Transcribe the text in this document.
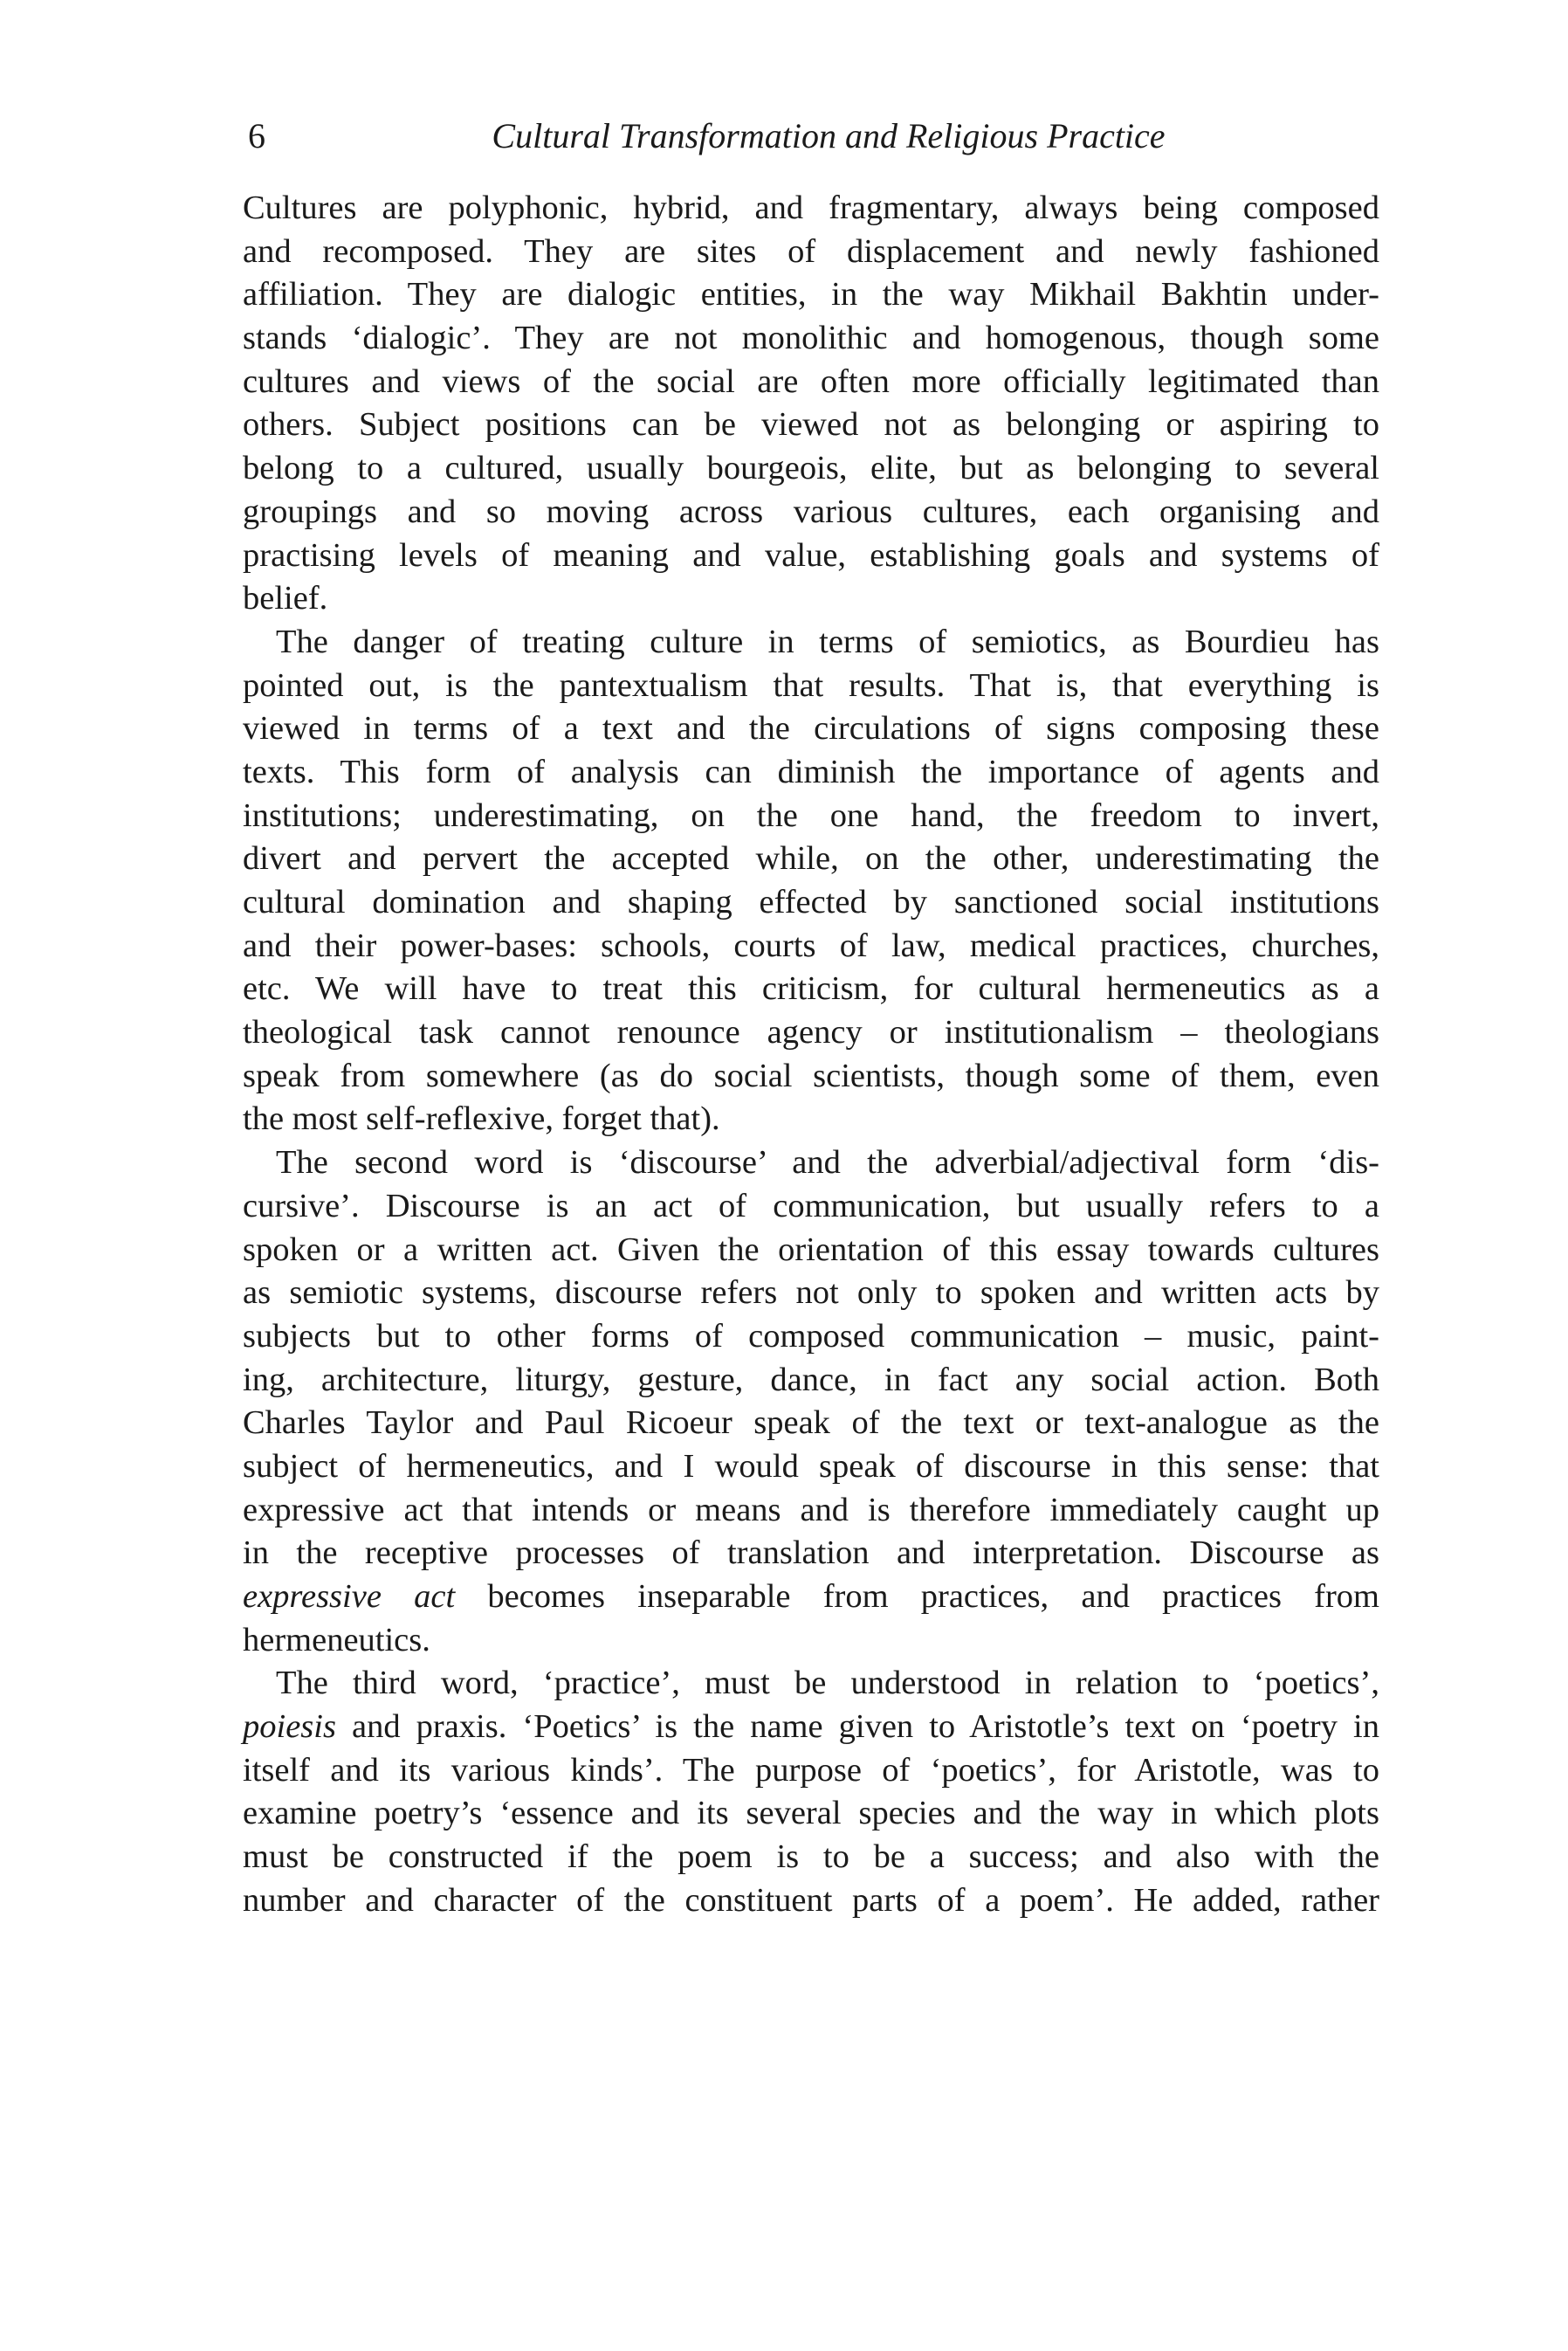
6	Cultural Transformation and Religious Practice
Cultures are polyphonic, hybrid, and fragmentary, always being composed
and recomposed. They are sites of displacement and newly fashioned
affiliation. They are dialogic entities, in the way Mikhail Bakhtin under-
stands ‘dialogic’. They are not monolithic and homogenous, though some
cultures and views of the social are often more officially legitimated than
others. Subject positions can be viewed not as belonging or aspiring to
belong to a cultured, usually bourgeois, elite, but as belonging to several
groupings and so moving across various cultures, each organising and
practising levels of meaning and value, establishing goals and systems of
belief.
The danger of treating culture in terms of semiotics, as Bourdieu has
pointed out, is the pantextualism that results. That is, that everything is
viewed in terms of a text and the circulations of signs composing these
texts. This form of analysis can diminish the importance of agents and
institutions; underestimating, on the one hand, the freedom to invert,
divert and pervert the accepted while, on the other, underestimating the
cultural domination and shaping effected by sanctioned social institutions
and their power-bases: schools, courts of law, medical practices, churches,
etc. We will have to treat this criticism, for cultural hermeneutics as a
theological task cannot renounce agency or institutionalism – theologians
speak from somewhere (as do social scientists, though some of them, even
the most self-reflexive, forget that).
The second word is ‘discourse’ and the adverbial/adjectival form ‘dis-
cursive’. Discourse is an act of communication, but usually refers to a
spoken or a written act. Given the orientation of this essay towards cultures
as semiotic systems, discourse refers not only to spoken and written acts by
subjects but to other forms of composed communication – music, paint-
ing, architecture, liturgy, gesture, dance, in fact any social action. Both
Charles Taylor and Paul Ricoeur speak of the text or text-analogue as the
subject of hermeneutics, and I would speak of discourse in this sense: that
expressive act that intends or means and is therefore immediately caught up
in the receptive processes of translation and interpretation. Discourse as
expressive act becomes inseparable from practices, and practices from
hermeneutics.
The third word, ‘practice’, must be understood in relation to ‘poetics’,
poiesis and praxis. ‘Poetics’ is the name given to Aristotle’s text on ‘poetry in
itself and its various kinds’. The purpose of ‘poetics’, for Aristotle, was to
examine poetry’s ‘essence and its several species and the way in which plots
must be constructed if the poem is to be a success; and also with the
number and character of the constituent parts of a poem’. He added, rather
